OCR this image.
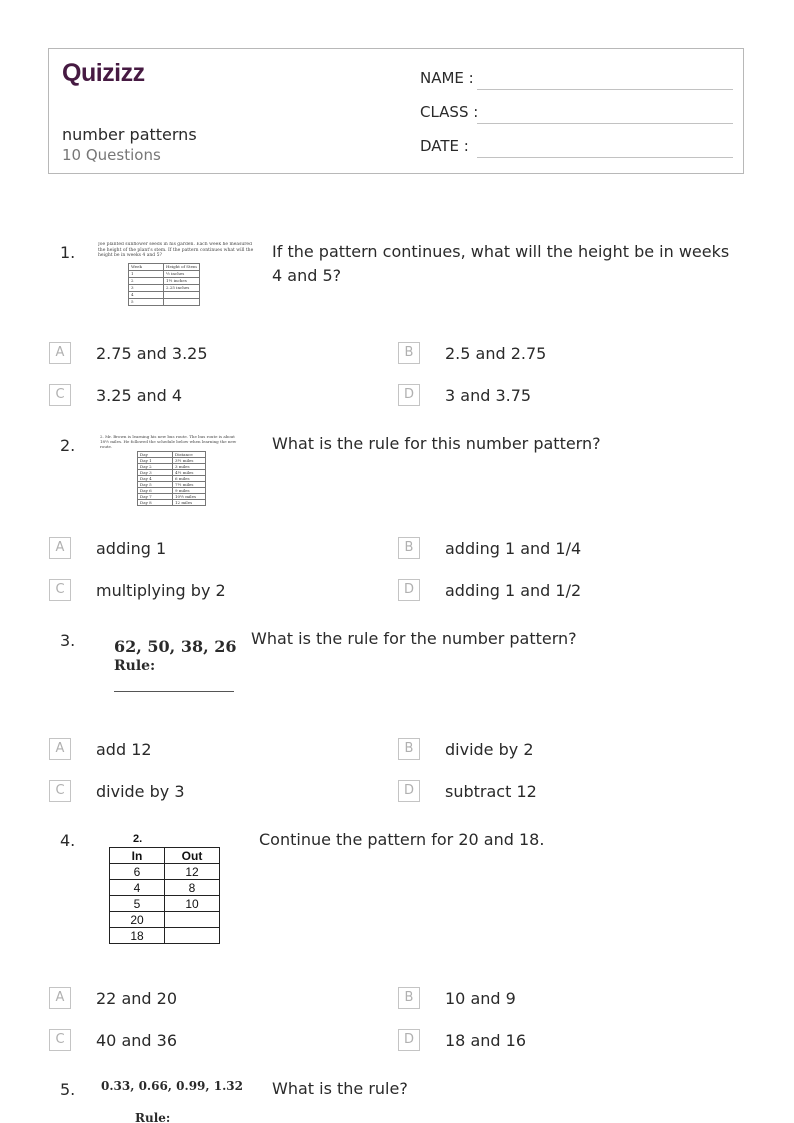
Quizizz
number patterns
10 Questions
NAME :
CLASS :
DATE :
1.	Joe planted sunflower seeds in his garden. Each week he measured the height of the plant's stem. If the pattern continues what will the height be in weeks 4 and 5?
Week	Height of Stem
1	½ inches
2	1½ inches
3	2.25 inches
4	
5	
If the pattern continues, what will the height be in weeks 4 and 5?
A	2.75 and 3.25	B	2.5 and 2.75
C	3.25 and 4	D	3 and 3.75
2.	2. Mr. Brown is learning his new bus route. The bus route is about 18½ miles. He followed the schedule below when learning the new route.
Day	Distance
Day 1	3½ miles
Day 2	3 miles
Day 3	4½ miles
Day 4	6 miles
Day 5	7½ miles
Day 6	9 miles
Day 7	10½ miles
Day 8	12 miles
What is the rule for this number pattern?
A	adding 1	B	adding 1 and 1/4
C	multiplying by 2	D	adding 1 and 1/2
3. 62, 50, 38, 26
Rule:
What is the rule for the number pattern?
A	add 12	B	divide by 2
C	divide by 3	D	subtract 12
4.	2.
In	Out
6	12
4	8
5	10
20	
18	
Continue the pattern for 20 and 18.
A	22 and 20	B	10 and 9
C	40 and 36	D	18 and 16
5. 0.33, 0.66, 0.99, 1.32
Rule:
What is the rule?
